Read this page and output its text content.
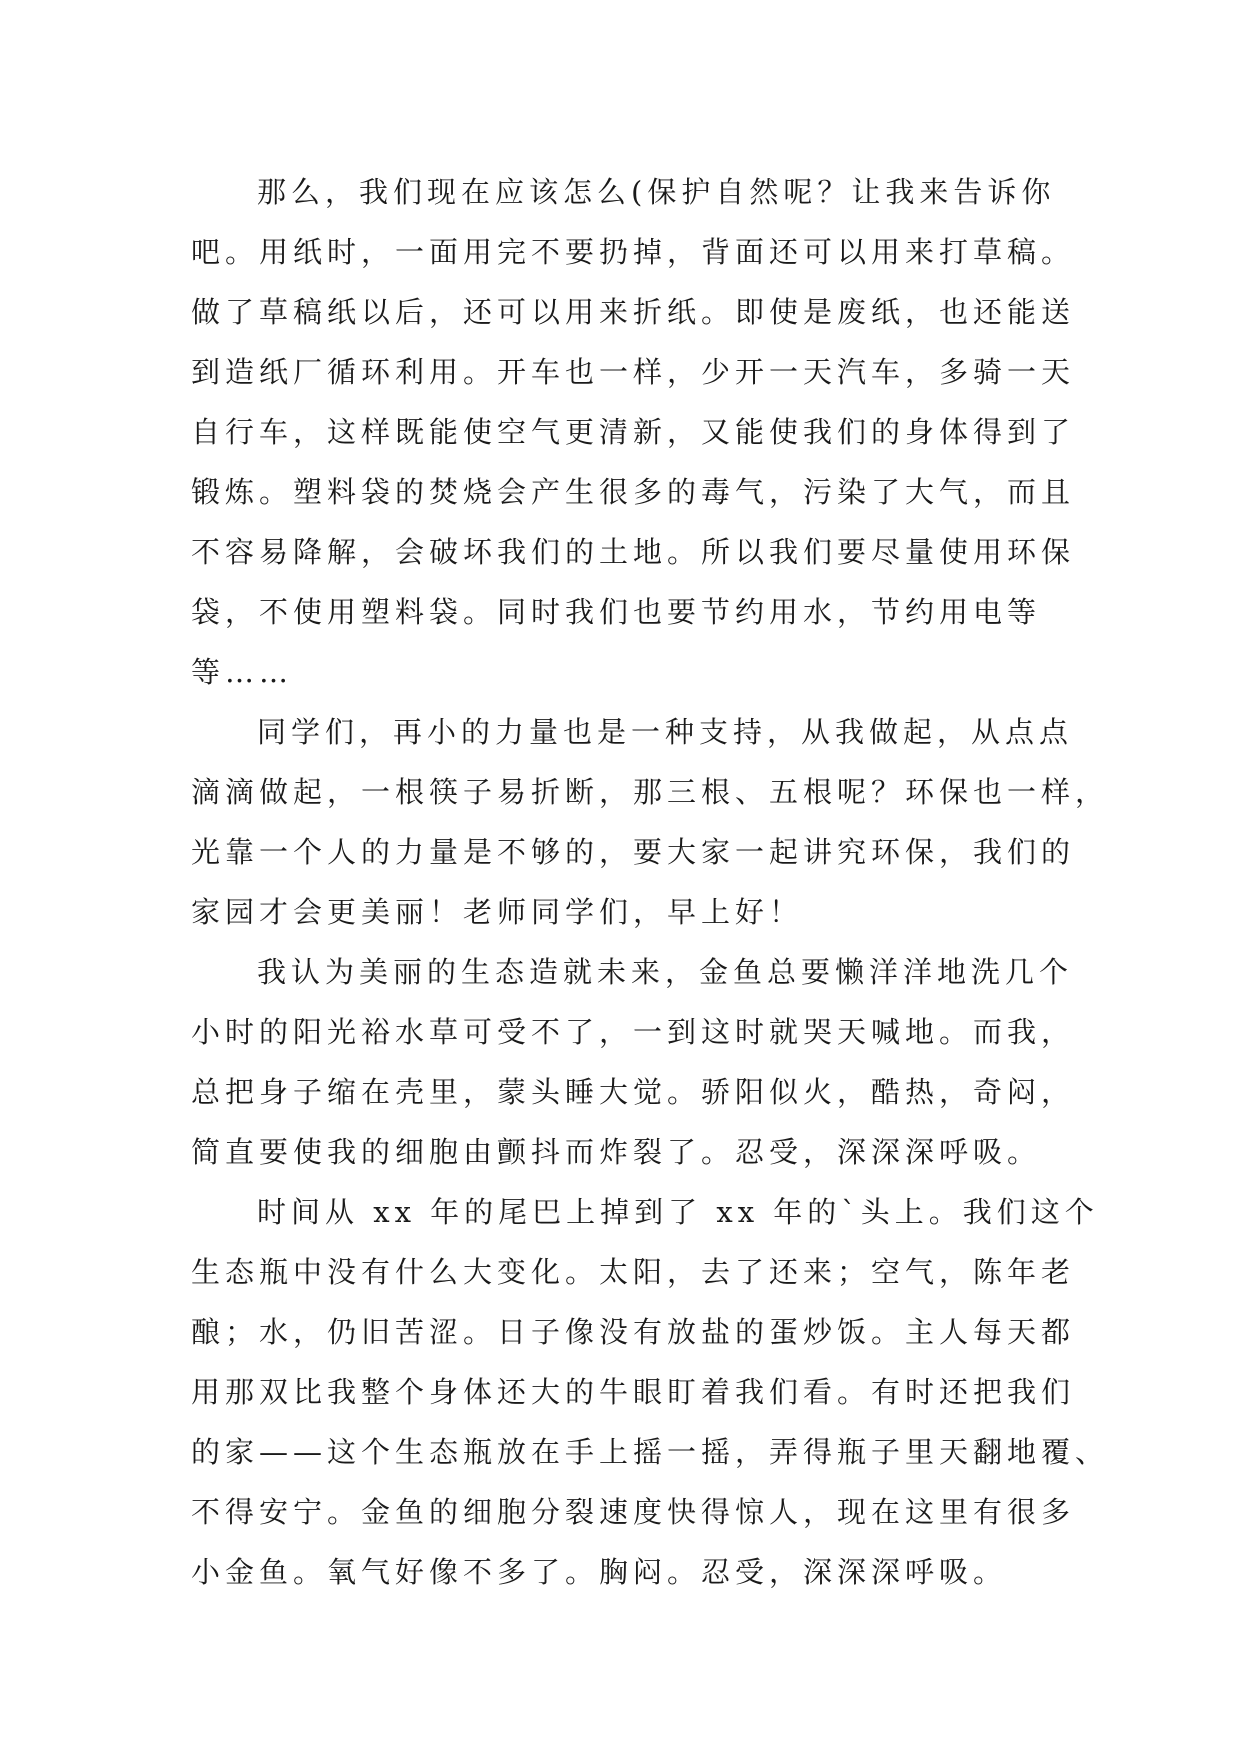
那么，我们现在应该怎么(保护自然呢？让我来告诉你
吧。用纸时，一面用完不要扔掉，背面还可以用来打草稿。
做了草稿纸以后，还可以用来折纸。即使是废纸，也还能送
到造纸厂循环利用。开车也一样，少开一天汽车，多骑一天
自行车，这样既能使空气更清新，又能使我们的身体得到了
锻炼。塑料袋的焚烧会产生很多的毒气，污染了大气，而且
不容易降解，会破坏我们的土地。所以我们要尽量使用环保
袋，不使用塑料袋。同时我们也要节约用水，节约用电等
等……
同学们，再小的力量也是一种支持，从我做起，从点点
滴滴做起，一根筷子易折断，那三根、五根呢？环保也一样，
光靠一个人的力量是不够的，要大家一起讲究环保，我们的
家园才会更美丽！老师同学们，早上好！
我认为美丽的生态造就未来，金鱼总要懒洋洋地洗几个
小时的阳光裕水草可受不了，一到这时就哭天喊地。而我，
总把身子缩在壳里，蒙头睡大觉。骄阳似火，酷热，奇闷，
简直要使我的细胞由颤抖而炸裂了。忍受，深深深呼吸。
时间从 xx 年的尾巴上掉到了 xx 年的`头上。我们这个
生态瓶中没有什么大变化。太阳，去了还来；空气，陈年老
酿；水，仍旧苦涩。日子像没有放盐的蛋炒饭。主人每天都
用那双比我整个身体还大的牛眼盯着我们看。有时还把我们
的家——这个生态瓶放在手上摇一摇，弄得瓶子里天翻地覆、
不得安宁。金鱼的细胞分裂速度快得惊人，现在这里有很多
小金鱼。氧气好像不多了。胸闷。忍受，深深深呼吸。
